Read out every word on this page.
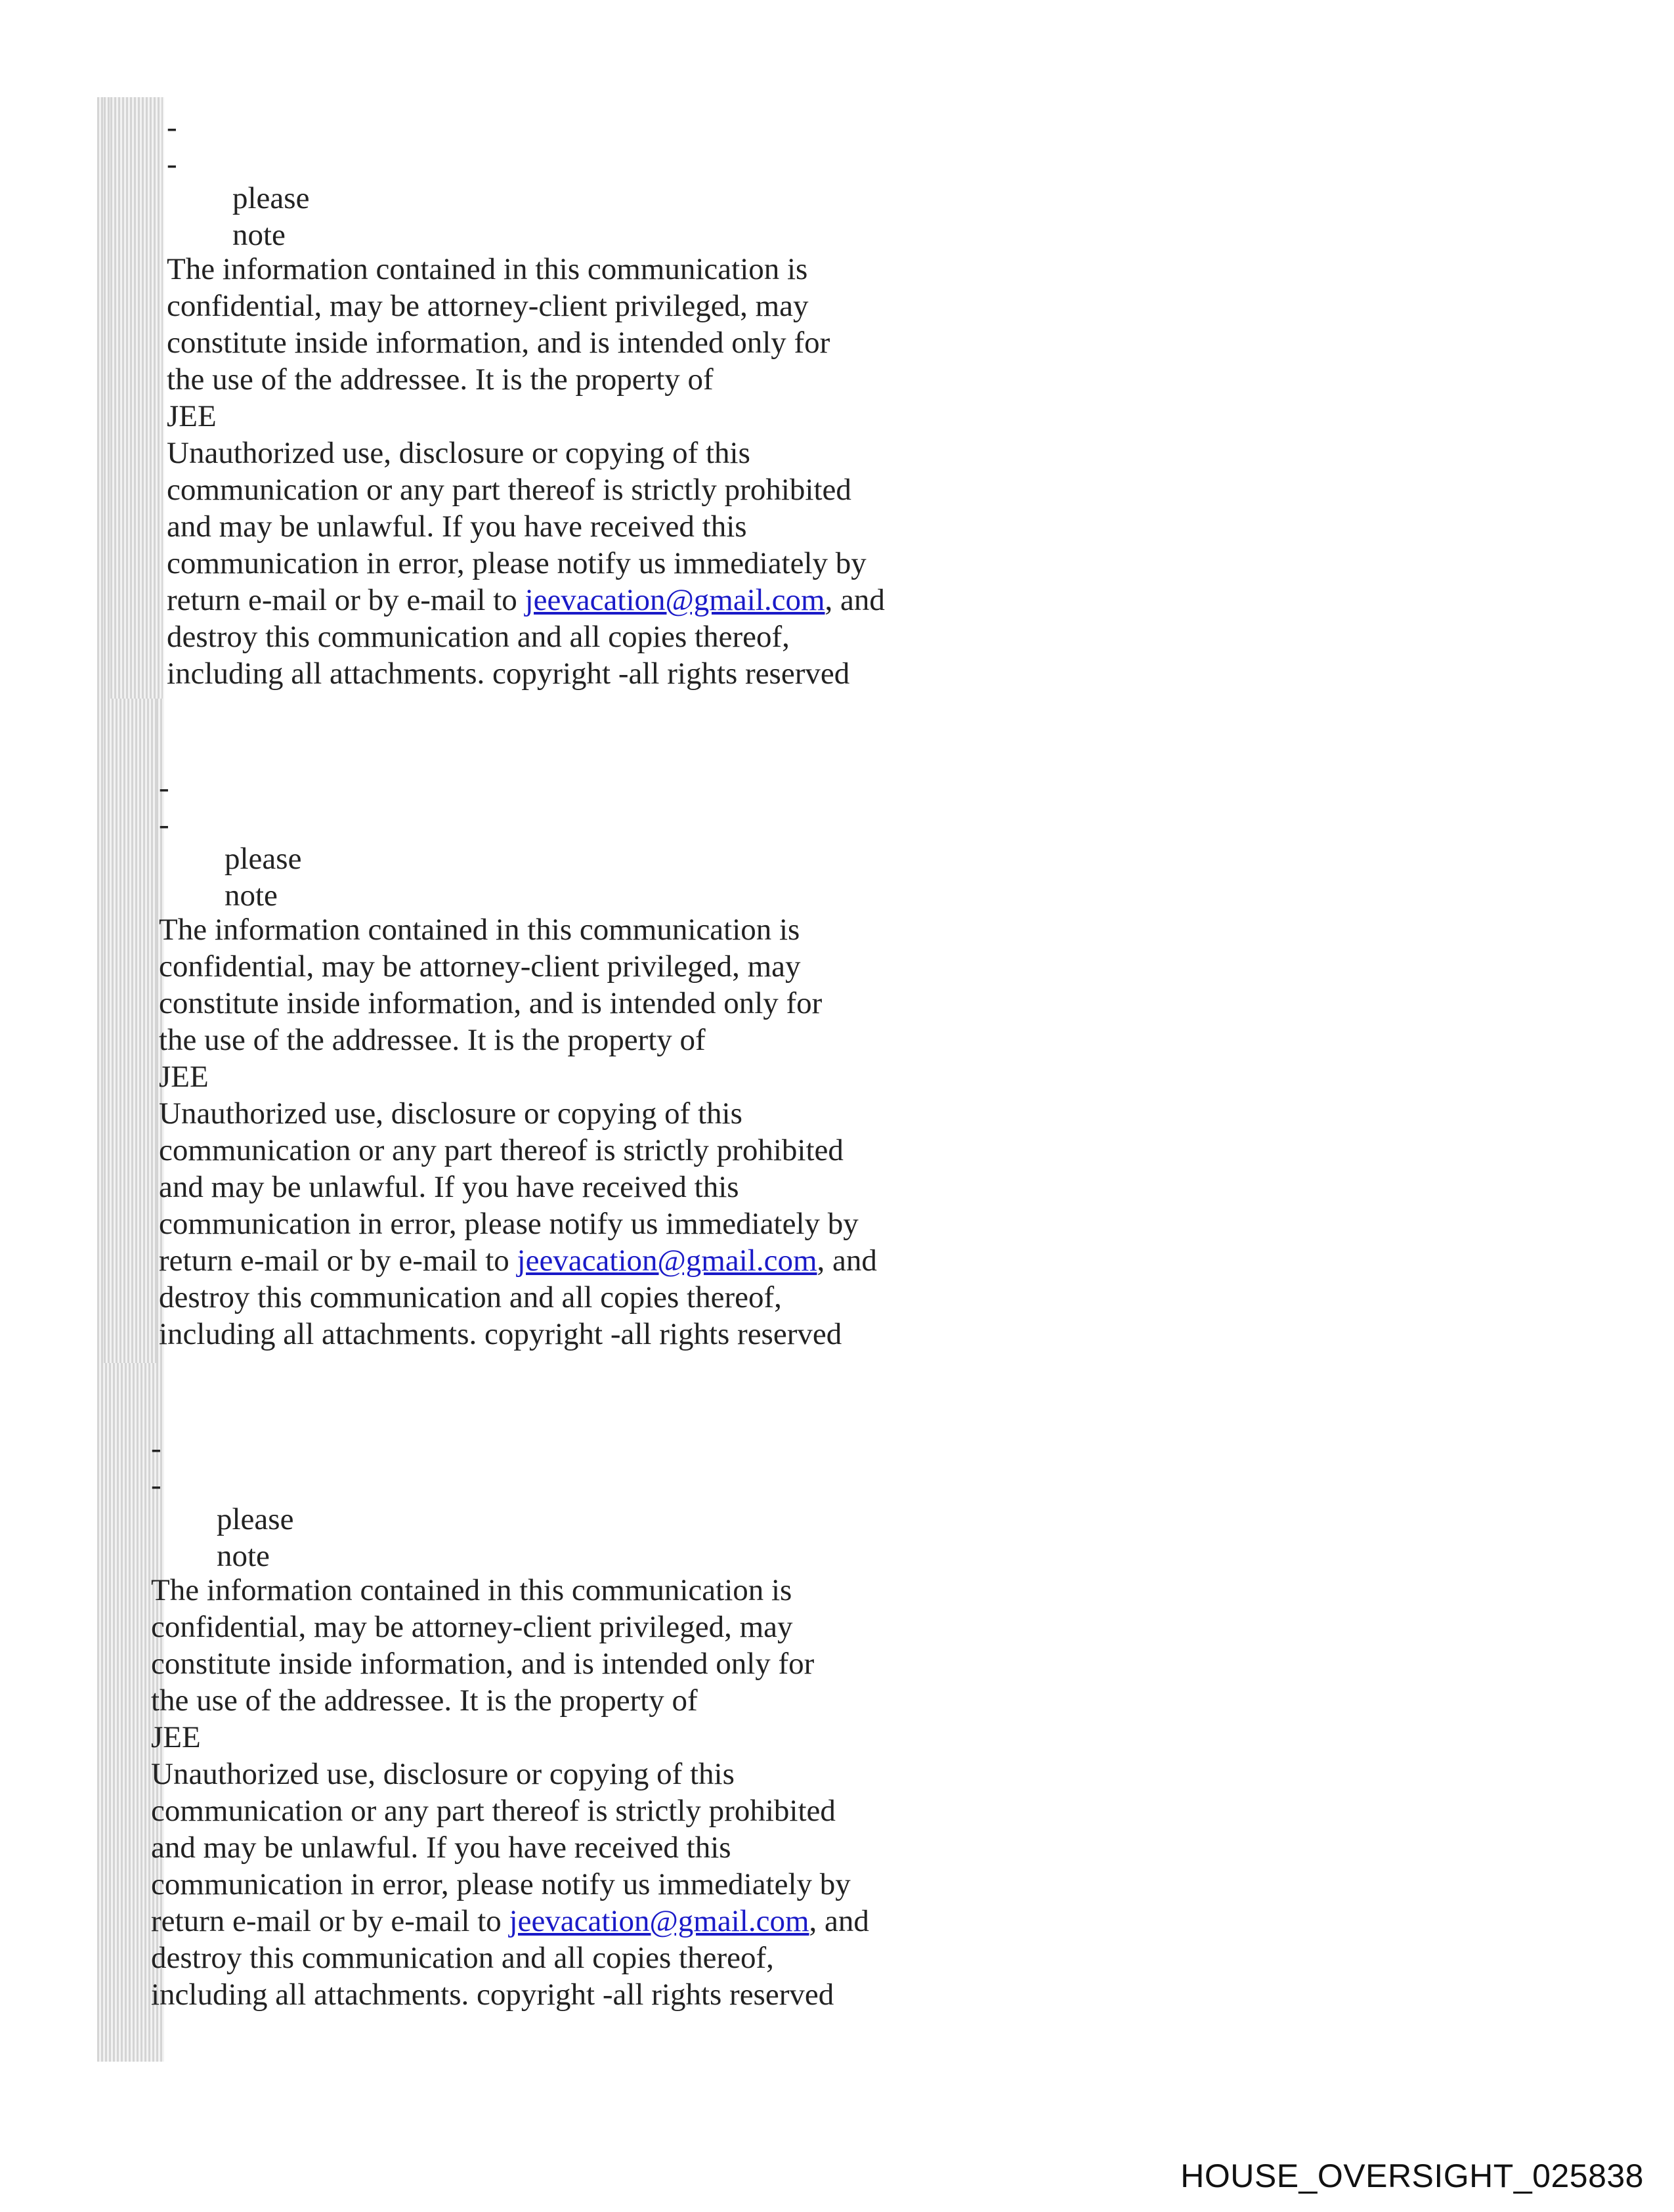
--
please note
The information contained in this communication is
confidential, may be attorney-client privileged, may
constitute inside information, and is intended only for
the use of the addressee. It is the property of
JEE
Unauthorized use, disclosure or copying of this
communication or any part thereof is strictly prohibited
and may be unlawful. If you have received this
communication in error, please notify us immediately by
return e-mail or by e-mail to jeevacation@gmail.com, and
destroy this communication and all copies thereof,
including all attachments. copyright -all rights reserved
--
please note
The information contained in this communication is
confidential, may be attorney-client privileged, may
constitute inside information, and is intended only for
the use of the addressee. It is the property of
JEE
Unauthorized use, disclosure or copying of this
communication or any part thereof is strictly prohibited
and may be unlawful. If you have received this
communication in error, please notify us immediately by
return e-mail or by e-mail to jeevacation@gmail.com, and
destroy this communication and all copies thereof,
including all attachments. copyright -all rights reserved
--
please note
The information contained in this communication is
confidential, may be attorney-client privileged, may
constitute inside information, and is intended only for
the use of the addressee. It is the property of
JEE
Unauthorized use, disclosure or copying of this
communication or any part thereof is strictly prohibited
and may be unlawful. If you have received this
communication in error, please notify us immediately by
return e-mail or by e-mail to jeevacation@gmail.com, and
destroy this communication and all copies thereof,
including all attachments. copyright -all rights reserved
HOUSE_OVERSIGHT_025838
